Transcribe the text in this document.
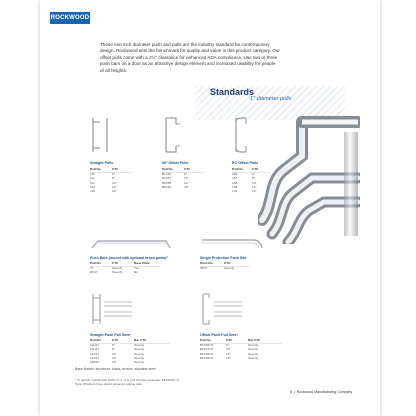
ROCKWOOD
These one inch diameter push and pulls are the industry standard for contemporary design. Rockwood sets the benchmark for quality and value in this product category. Our offset pulls come with a 2½" clearance for enhanced ADA compliance. Use two or three push bars on a door as an attractive design element and increased usability for people of all heights.
Standards
1" diameter pulls
Straight Pulls
Pull No.	CTC
111	6"
111	8"
111	10"
112	12"
118	18"
90° Offset Pulls
Pull No.	CTC
BF156	8"
BF157	10"
BF158	12"
BF159	18"
RC Offset Pulls
Pull No.	CTC
166	6"
167	8"
168	10"
169	12"
170	18"
Push Bars (mount with optional brass posts)*
Pull No.	CTC	Base Plate
47	Specify	Yes
BF47	Specify	No
Single Projection Push Bar
Push No.	CTC
SP47	Specify
Straight Push Pull Sets*
Pull No.	CTC	Bar CTC
111/47	6"	Specify
111/47	8"	Specify
111/47	10"	Specify
112/47	12"	Specify
118/47	18"	Specify
Offset Push Pull Sets*
Pull No.	CTC	Bar CTC
BF156/47	8"	Specify
BF157/47	10"	Specify
BF158/47	12"	Specify
BF159/47	18"	Specify
Base Metals: aluminum, brass, bronze, stainless steel
* To specify overall size suffix -2 or -3 to pull number (example: BF156/47-3).
Note: Phantom lines depict optional multiple rails.
3  |  Rockwood Manufacturing Company
